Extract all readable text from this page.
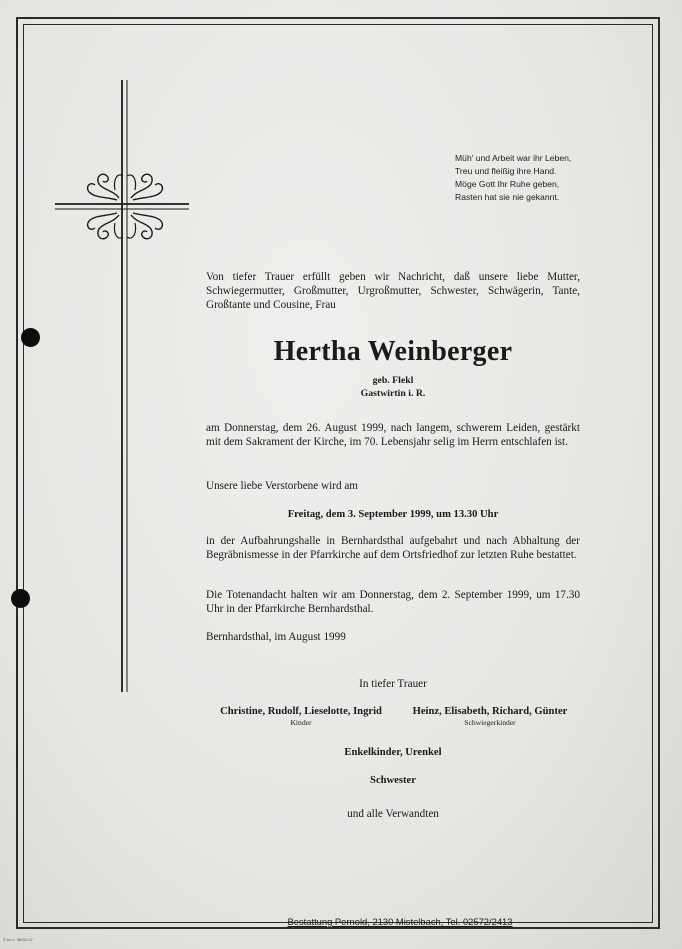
Müh' und Arbeit war ihr Leben,
Treu und fleißig ihre Hand.
Möge Gott Ihr Ruhe geben,
Rasten hat sie nie gekannt.
Von tiefer Trauer erfüllt geben wir Nachricht, daß unsere liebe Mutter, Schwiegermutter, Großmutter, Urgroßmutter, Schwester, Schwägerin, Tante, Großtante und Cousine, Frau
Hertha Weinberger
geb. Flekl
Gastwirtin i. R.
am Donnerstag, dem 26. August 1999, nach langem, schwerem Leiden, gestärkt mit dem Sakrament der Kirche, im 70. Lebensjahr selig im Herrn entschlafen ist.
Unsere liebe Verstorbene wird am
Freitag, dem 3. September 1999, um 13.30 Uhr
in der Aufbahrungshalle in Bernhardsthal aufgebahrt und nach Abhaltung der Begräbnismesse in der Pfarrkirche auf dem Ortsfriedhof zur letzten Ruhe bestattet.
Die Totenandacht halten wir am Donnerstag, dem 2. September 1999, um 17.30 Uhr in der Pfarrkirche Bernhardsthal.
Bernhardsthal, im August 1999
In tiefer Trauer
Christine, Rudolf, Lieselotte, Ingrid
Kinder
Heinz, Elisabeth, Richard, Günter
Schwiegerkinder
Enkelkinder, Urenkel
Schwester
und alle Verwandten
Bestattung Pernold, 2130 Mistelbach, Tel. 02572/2413
© bo L. 88/02-07
